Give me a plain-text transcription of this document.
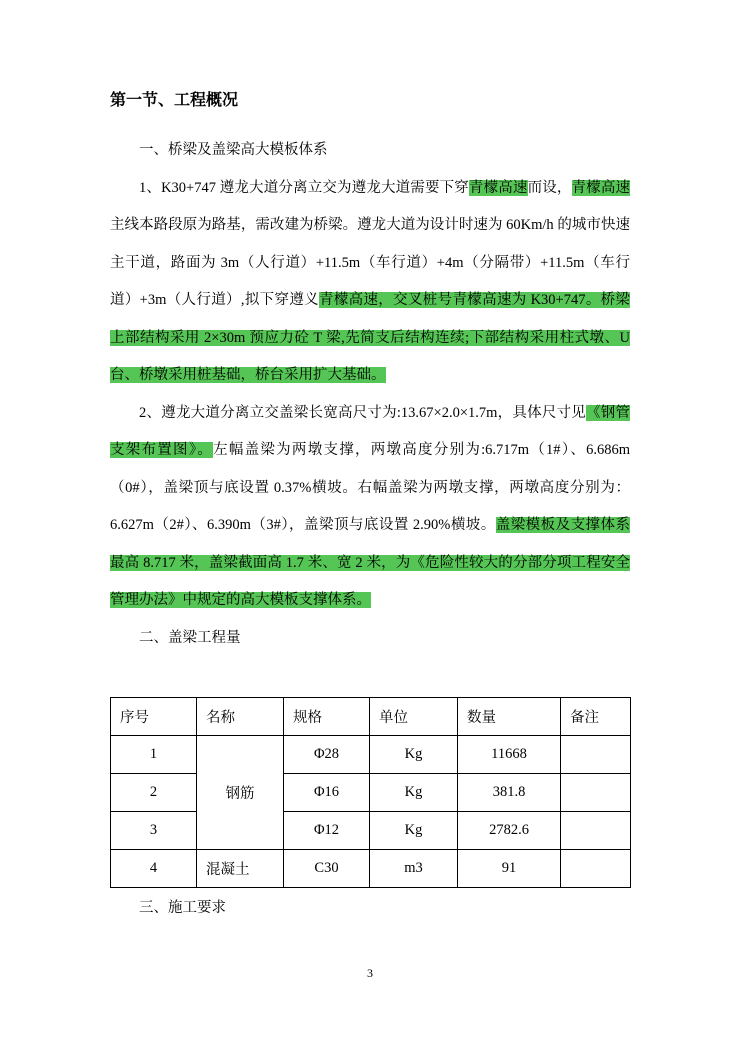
第一节、工程概况

一、桥梁及盖梁高大模板体系

1、K30+747 遵龙大道分离立交为遵龙大道需要下穿青檬高速而设，青檬高速主线本路段原为路基，需改建为桥梁。遵龙大道为设计时速为 60Km/h 的城市快速主干道，路面为 3m（人行道）+11.5m（车行道）+4m（分隔带）+11.5m（车行道）+3m（人行道）,拟下穿遵义青檬高速，交叉桩号青檬高速为 K30+747。桥梁上部结构采用 2×30m 预应力砼 T 梁,先简支后结构连续;下部结构采用柱式墩、U 台、桥墩采用桩基础，桥台采用扩大基础。

2、遵龙大道分离立交盖梁长宽高尺寸为:13.67×2.0×1.7m，具体尺寸见《钢管支架布置图》。左幅盖梁为两墩支撑，两墩高度分别为:6.717m（1#）、6.686m（0#），盖梁顶与底设置 0.37%横坡。右幅盖梁为两墩支撑，两墩高度分别为：6.627m（2#）、6.390m（3#），盖梁顶与底设置 2.90%横坡。盖梁模板及支撑体系最高 8.717 米，盖梁截面高 1.7 米、宽 2 米，为《危险性较大的分部分项工程安全管理办法》中规定的高大模板支撑体系。

二、盖梁工程量

序号	名称	规格	单位	数量	备注
1	钢筋	Φ28	Kg	11668	
2		Φ16	Kg	381.8	
3		Φ12	Kg	2782.6	
4	混凝土	C30	m3	91	

三、施工要求

3
